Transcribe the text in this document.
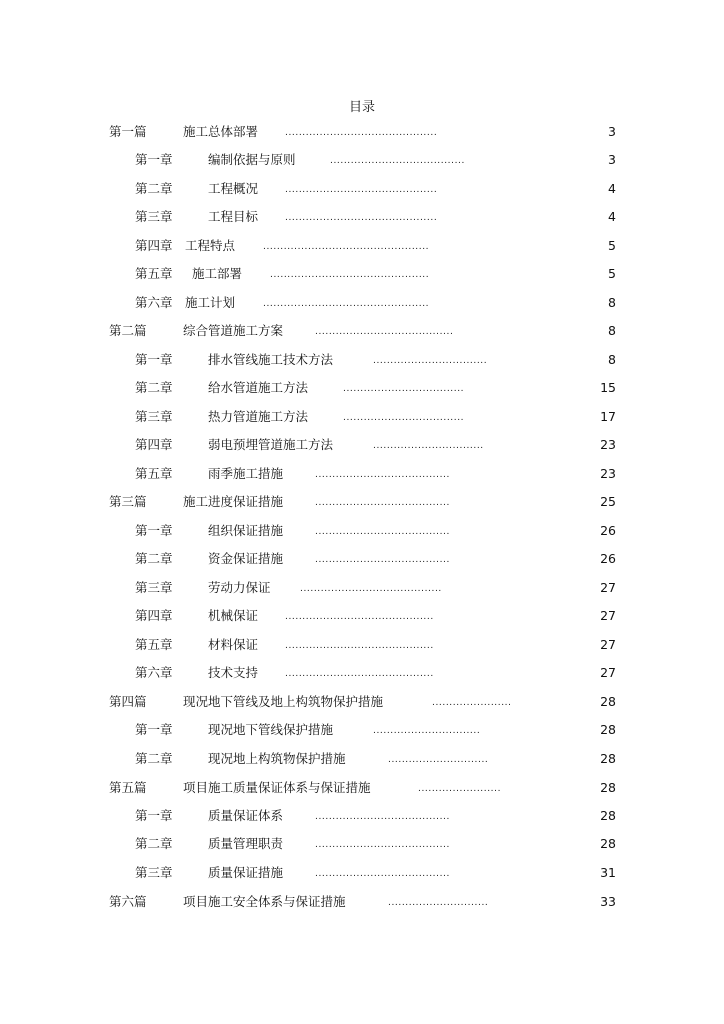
目录
第一篇	施工总体部署	............................................	3
第一章	编制依据与原则	.......................................	3
第二章	工程概况	............................................	4
第三章	工程目标	............................................	4
第四章 工程特点	................................................	5
第五章 施工部署	..............................................	5
第六章 施工计划	................................................	8
第二篇	综合管道施工方案	........................................	8
第一章	排水管线施工技术方法	.................................	8
第二章	给水管道施工方法	...................................	15
第三章	热力管道施工方法	...................................	17
第四章	弱电预埋管道施工方法	................................	23
第五章	雨季施工措施	.......................................	23
第三篇	施工进度保证措施	.......................................	25
第一章	组织保证措施	.......................................	26
第二章	资金保证措施	.......................................	26
第三章	劳动力保证	.........................................	27
第四章	机械保证	...........................................	27
第五章	材料保证	...........................................	27
第六章	技术支持	...........................................	27
第四篇	现况地下管线及地上构筑物保护措施	.......................	28
第一章	现况地下管线保护措施	...............................	28
第二章	现况地上构筑物保护措施	.............................	28
第五篇	项目施工质量保证体系与保证措施	........................	28
第一章	质量保证体系	.......................................	28
第二章	质量管理职责	.......................................	28
第三章	质量保证措施	.......................................	31
第六篇	项目施工安全体系与保证措施	.............................	33
